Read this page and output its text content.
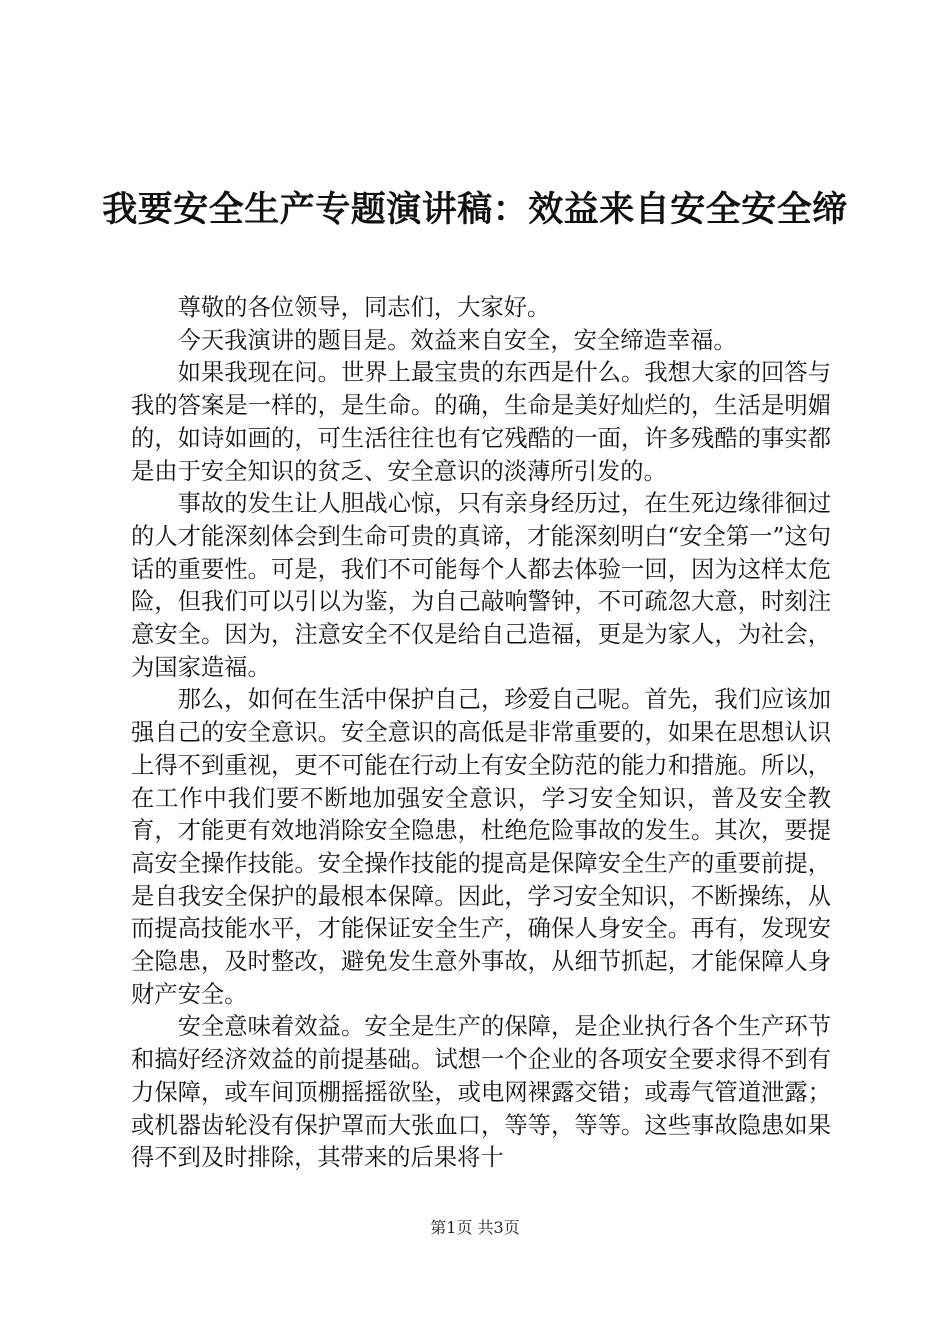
我要安全生产专题演讲稿：效益来自安全安全缔

尊敬的各位领导，同志们，大家好。

今天我演讲的题目是。效益来自安全，安全缔造幸福。

如果我现在问。世界上最宝贵的东西是什么。我想大家的回答与我的答案是一样的，是生命。的确，生命是美好灿烂的，生活是明媚的，如诗如画的，可生活往往也有它残酷的一面，许多残酷的事实都是由于安全知识的贫乏、安全意识的淡薄所引发的。

事故的发生让人胆战心惊，只有亲身经历过，在生死边缘徘徊过的人才能深刻体会到生命可贵的真谛，才能深刻明白“安全第一”这句话的重要性。可是，我们不可能每个人都去体验一回，因为这样太危险，但我们可以引以为鉴，为自己敲响警钟，不可疏忽大意，时刻注意安全。因为，注意安全不仅是给自己造福，更是为家人，为社会，为国家造福。

那么，如何在生活中保护自己，珍爱自己呢。首先，我们应该加强自己的安全意识。安全意识的高低是非常重要的，如果在思想认识上得不到重视，更不可能在行动上有安全防范的能力和措施。所以，在工作中我们要不断地加强安全意识，学习安全知识，普及安全教育，才能更有效地消除安全隐患，杜绝危险事故的发生。其次，要提高安全操作技能。安全操作技能的提高是保障安全生产的重要前提，是自我安全保护的最根本保障。因此，学习安全知识，不断操练，从而提高技能水平，才能保证安全生产，确保人身安全。再有，发现安全隐患，及时整改，避免发生意外事故，从细节抓起，才能保障人身财产安全。

安全意味着效益。安全是生产的保障，是企业执行各个生产环节和搞好经济效益的前提基础。试想一个企业的各项安全要求得不到有力保障，或车间顶棚摇摇欲坠，或电网裸露交错；或毒气管道泄露；或机器齿轮没有保护罩而大张血口，等等，等等。这些事故隐患如果得不到及时排除，其带来的后果将十

第1页 共3页
